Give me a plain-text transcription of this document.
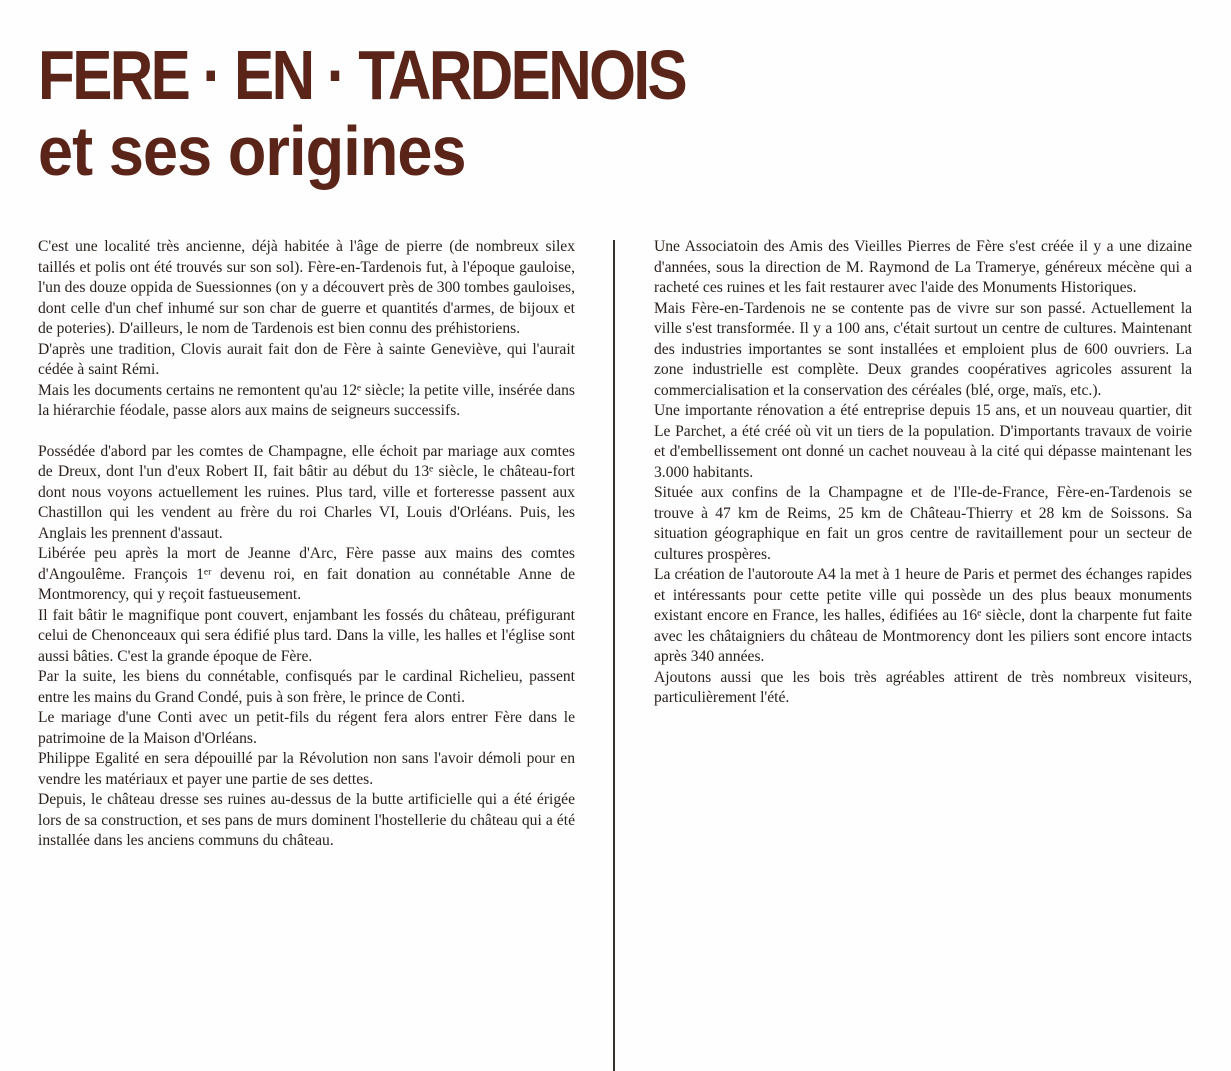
FERE · EN · TARDENOIS
et ses origines

C'est une localité très ancienne, déjà habitée à l'âge de pierre (de nombreux silex taillés et polis ont été trouvés sur son sol). Fère-en-Tardenois fut, à l'époque gauloise, l'un des douze oppida de Suessionnes (on y a découvert près de 300 tombes gauloises, dont celle d'un chef inhumé sur son char de guerre et quantités d'armes, de bijoux et de poteries). D'ailleurs, le nom de Tardenois est bien connu des préhistoriens.

D'après une tradition, Clovis aurait fait don de Fère à sainte Geneviève, qui l'aurait cédée à saint Rémi.

Mais les documents certains ne remontent qu'au 12ᵉ siècle; la petite ville, insérée dans la hiérarchie féodale, passe alors aux mains de seigneurs successifs.

Possédée d'abord par les comtes de Champagne, elle échoit par mariage aux comtes de Dreux, dont l'un d'eux Robert II, fait bâtir au début du 13ᵉ siècle, le château-fort dont nous voyons actuellement les ruines. Plus tard, ville et forteresse passent aux Chastillon qui les vendent au frère du roi Charles VI, Louis d'Orléans. Puis, les Anglais les prennent d'assaut.

Libérée peu après la mort de Jeanne d'Arc, Fère passe aux mains des comtes d'Angoulême. François 1ᵉʳ devenu roi, en fait donation au connétable Anne de Montmorency, qui y reçoit fastueusement.

Il fait bâtir le magnifique pont couvert, enjambant les fossés du château, préfigurant celui de Chenonceaux qui sera édifié plus tard. Dans la ville, les halles et l'église sont aussi bâties. C'est la grande époque de Fère.

Par la suite, les biens du connétable, confisqués par le cardinal Richelieu, passent entre les mains du Grand Condé, puis à son frère, le prince de Conti.

Le mariage d'une Conti avec un petit-fils du régent fera alors entrer Fère dans le patrimoine de la Maison d'Orléans.

Philippe Egalité en sera dépouillé par la Révolution non sans l'avoir démoli pour en vendre les matériaux et payer une partie de ses dettes.

Depuis, le château dresse ses ruines au-dessus de la butte artificielle qui a été érigée lors de sa construction, et ses pans de murs dominent l'hostellerie du château qui a été installée dans les anciens communs du château.

Une Associatoin des Amis des Vieilles Pierres de Fère s'est créée il y a une dizaine d'années, sous la direction de M. Raymond de La Tramerye, généreux mécène qui a racheté ces ruines et les fait restaurer avec l'aide des Monuments Historiques.

Mais Fère-en-Tardenois ne se contente pas de vivre sur son passé. Actuellement la ville s'est transformée. Il y a 100 ans, c'était surtout un centre de cultures. Maintenant des industries importantes se sont installées et emploient plus de 600 ouvriers. La zone industrielle est complète. Deux grandes coopératives agricoles assurent la commercialisation et la conservation des céréales (blé, orge, maïs, etc.).

Une importante rénovation a été entreprise depuis 15 ans, et un nouveau quartier, dit Le Parchet, a été créé où vit un tiers de la population. D'importants travaux de voirie et d'embellissement ont donné un cachet nouveau à la cité qui dépasse maintenant les 3.000 habitants.

Située aux confins de la Champagne et de l'Ile-de-France, Fère-en-Tardenois se trouve à 47 km de Reims, 25 km de Château-Thierry et 28 km de Soissons. Sa situation géographique en fait un gros centre de ravitaillement pour un secteur de cultures prospères.

La création de l'autoroute A4 la met à 1 heure de Paris et permet des échanges rapides et intéressants pour cette petite ville qui possède un des plus beaux monuments existant encore en France, les halles, édifiées au 16ᵉ siècle, dont la charpente fut faite avec les châtaigniers du château de Montmorency dont les piliers sont encore intacts après 340 années.

Ajoutons aussi que les bois très agréables attirent de très nombreux visiteurs, particulièrement l'été.
